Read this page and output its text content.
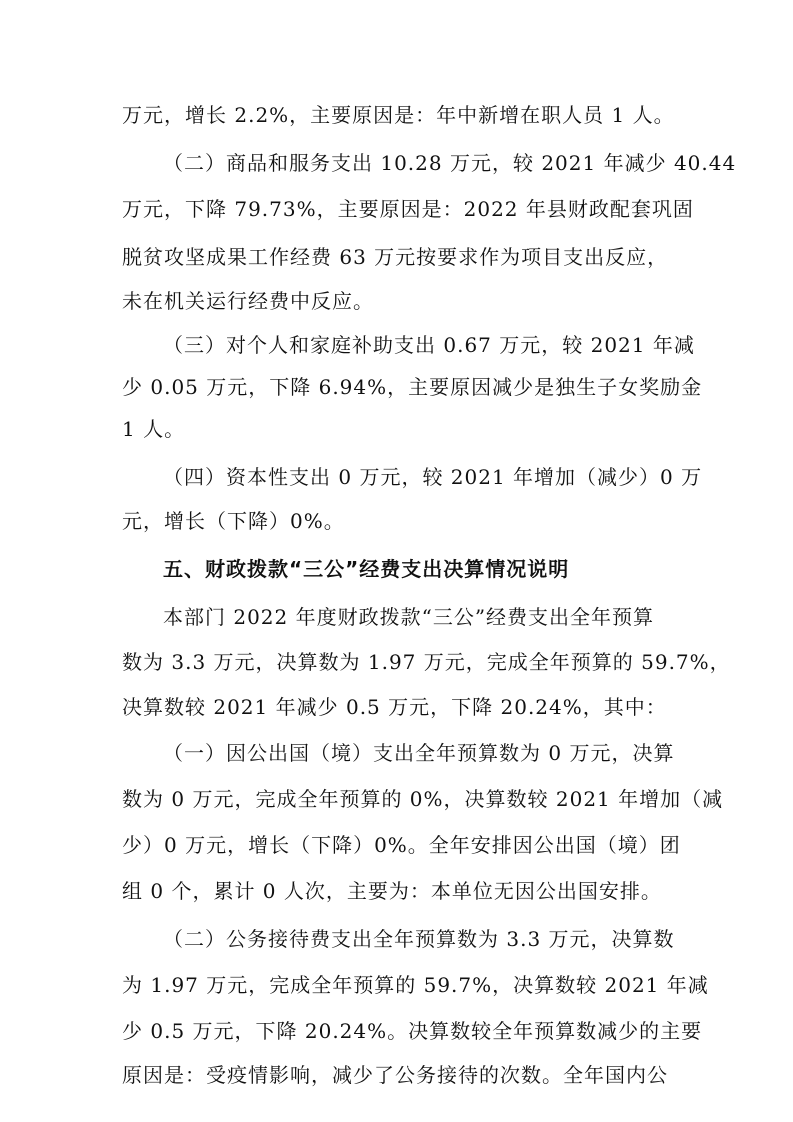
万元，增长 2.2%，主要原因是：年中新增在职人员 1 人。
（二）商品和服务支出 10.28 万元，较 2021 年减少 40.44
万元，下降 79.73%，主要原因是：2022 年县财政配套巩固
脱贫攻坚成果工作经费 63 万元按要求作为项目支出反应，
未在机关运行经费中反应。
（三）对个人和家庭补助支出 0.67 万元，较 2021 年减
少 0.05 万元，下降 6.94%，主要原因减少是独生子女奖励金
1 人。
（四）资本性支出 0 万元，较 2021 年增加（减少）0 万
元，增长（下降）0%。
五、财政拨款“三公”经费支出决算情况说明
本部门 2022 年度财政拨款“三公”经费支出全年预算
数为 3.3 万元，决算数为 1.97 万元，完成全年预算的 59.7%，
决算数较 2021 年减少 0.5 万元，下降 20.24%，其中：
（一）因公出国（境）支出全年预算数为 0 万元，决算
数为 0 万元，完成全年预算的 0%，决算数较 2021 年增加（减
少）0 万元，增长（下降）0%。全年安排因公出国（境）团
组 0 个，累计 0 人次，主要为：本单位无因公出国安排。
（二）公务接待费支出全年预算数为 3.3 万元，决算数
为 1.97 万元，完成全年预算的 59.7%，决算数较 2021 年减
少 0.5 万元，下降 20.24%。决算数较全年预算数减少的主要
原因是：受疫情影响，减少了公务接待的次数。全年国内公
